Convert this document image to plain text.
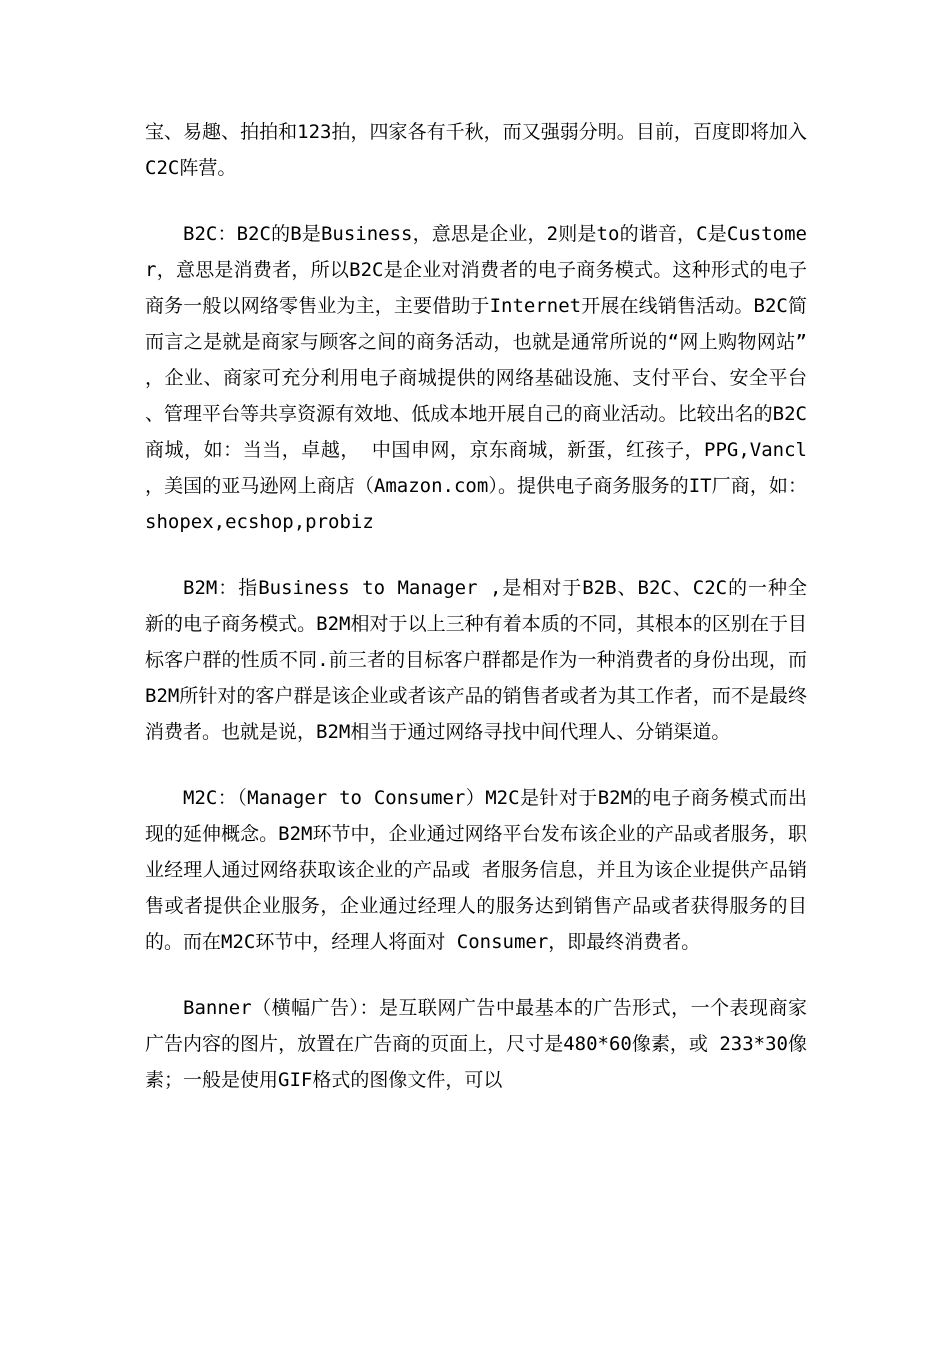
宝、易趣、拍拍和123拍，四家各有千秋，而又强弱分明。目前，百度即将加入C2C阵营。

B2C：B2C的B是Business，意思是企业，2则是to的谐音，C是Customer，意思是消费者，所以B2C是企业对消费者的电子商务模式。这种形式的电子商务一般以网络零售业为主，主要借助于Internet开展在线销售活动。B2C简而言之是就是商家与顾客之间的商务活动，也就是通常所说的“网上购物网站”，企业、商家可充分利用电子商城提供的网络基础设施、支付平台、安全平台、管理平台等共享资源有效地、低成本地开展自己的商业活动。比较出名的B2C商城，如：当当，卓越， 中国申网，京东商城，新蛋，红孩子，PPG,Vancl，美国的亚马逊网上商店（Amazon.com）。提供电子商务服务的IT厂商，如：shopex,ecshop,probiz

B2M：指Business to Manager ,是相对于B2B、B2C、C2C的一种全新的电子商务模式。B2M相对于以上三种有着本质的不同，其根本的区别在于目标客户群的性质不同.前三者的目标客户群都是作为一种消费者的身份出现，而B2M所针对的客户群是该企业或者该产品的销售者或者为其工作者，而不是最终消费者。也就是说，B2M相当于通过网络寻找中间代理人、分销渠道。

M2C：（Manager to Consumer）M2C是针对于B2M的电子商务模式而出现的延伸概念。B2M环节中，企业通过网络平台发布该企业的产品或者服务，职业经理人通过网络获取该企业的产品或 者服务信息，并且为该企业提供产品销售或者提供企业服务，企业通过经理人的服务达到销售产品或者获得服务的目的。而在M2C环节中，经理人将面对 Consumer，即最终消费者。

Banner（横幅广告）：是互联网广告中最基本的广告形式，一个表现商家广告内容的图片，放置在广告商的页面上，尺寸是480*60像素，或 233*30像素；一般是使用GIF格式的图像文件，可以
